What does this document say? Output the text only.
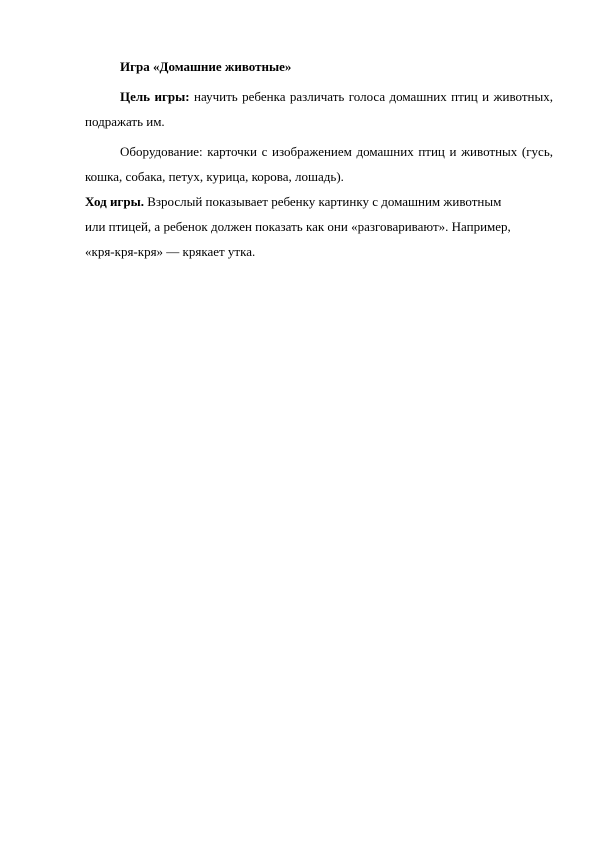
Игра «Домашние животные»

Цель игры: научить ребенка различать голоса домашних птиц и животных, подражать им.

Оборудование: карточки с изображением домашних птиц и животных (гусь, кошка, собака, петух, курица, корова, лошадь).

Ход игры. Взрослый показывает ребенку картинку с домашним животным

или птицей, а ребенок должен показать как они «разговаривают». Например,

«кря-кря-кря» — крякает утка.
